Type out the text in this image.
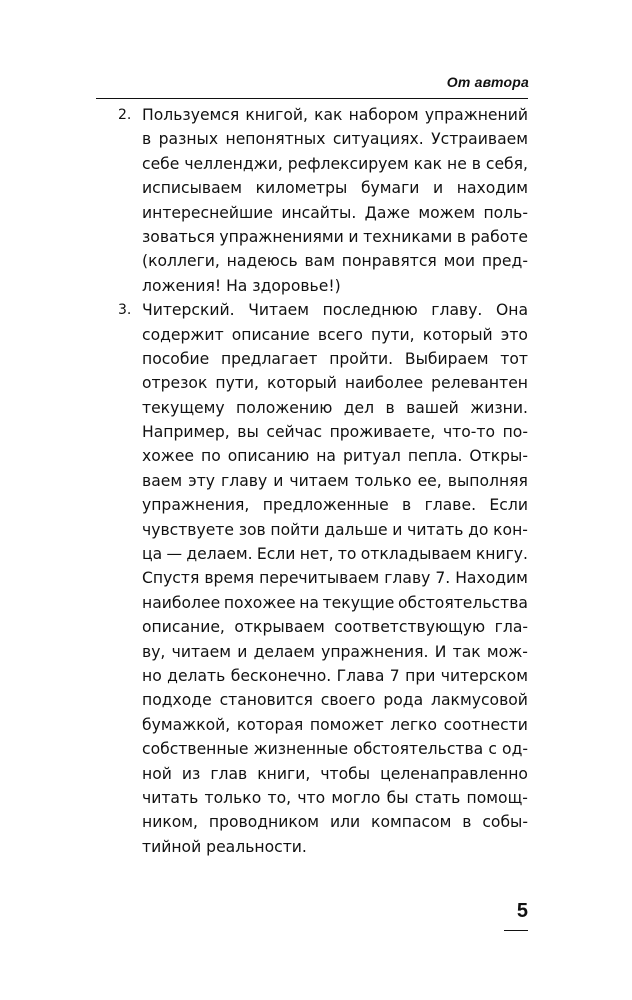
От автора
2. Пользуемся книгой, как набором упражнений
в разных непонятных ситуациях. Устраиваем
себе челленджи, рефлексируем как не в себя,
исписываем километры бумаги и находим
интереснейшие инсайты. Даже можем поль-
зоваться упражнениями и техниками в работе
(коллеги, надеюсь вам понравятся мои пред-
ложения! На здоровье!)
3. Читерский. Читаем последнюю главу. Она
содержит описание всего пути, который это
пособие предлагает пройти. Выбираем тот
отрезок пути, который наиболее релевантен
текущему положению дел в вашей жизни.
Например, вы сейчас проживаете, что-то по-
хожее по описанию на ритуал пепла. Откры-
ваем эту главу и читаем только ее, выполняя
упражнения, предложенные в главе. Если
чувствуете зов пойти дальше и читать до кон-
ца — делаем. Если нет, то откладываем книгу.
Спустя время перечитываем главу 7. Находим
наиболее похожее на текущие обстоятельства
описание, открываем соответствующую гла-
ву, читаем и делаем упражнения. И так мож-
но делать бесконечно. Глава 7 при читерском
подходе становится своего рода лакмусовой
бумажкой, которая поможет легко соотнести
собственные жизненные обстоятельства с од-
ной из глав книги, чтобы целенаправленно
читать только то, что могло бы стать помощ-
ником, проводником или компасом в собы-
тийной реальности.
5
